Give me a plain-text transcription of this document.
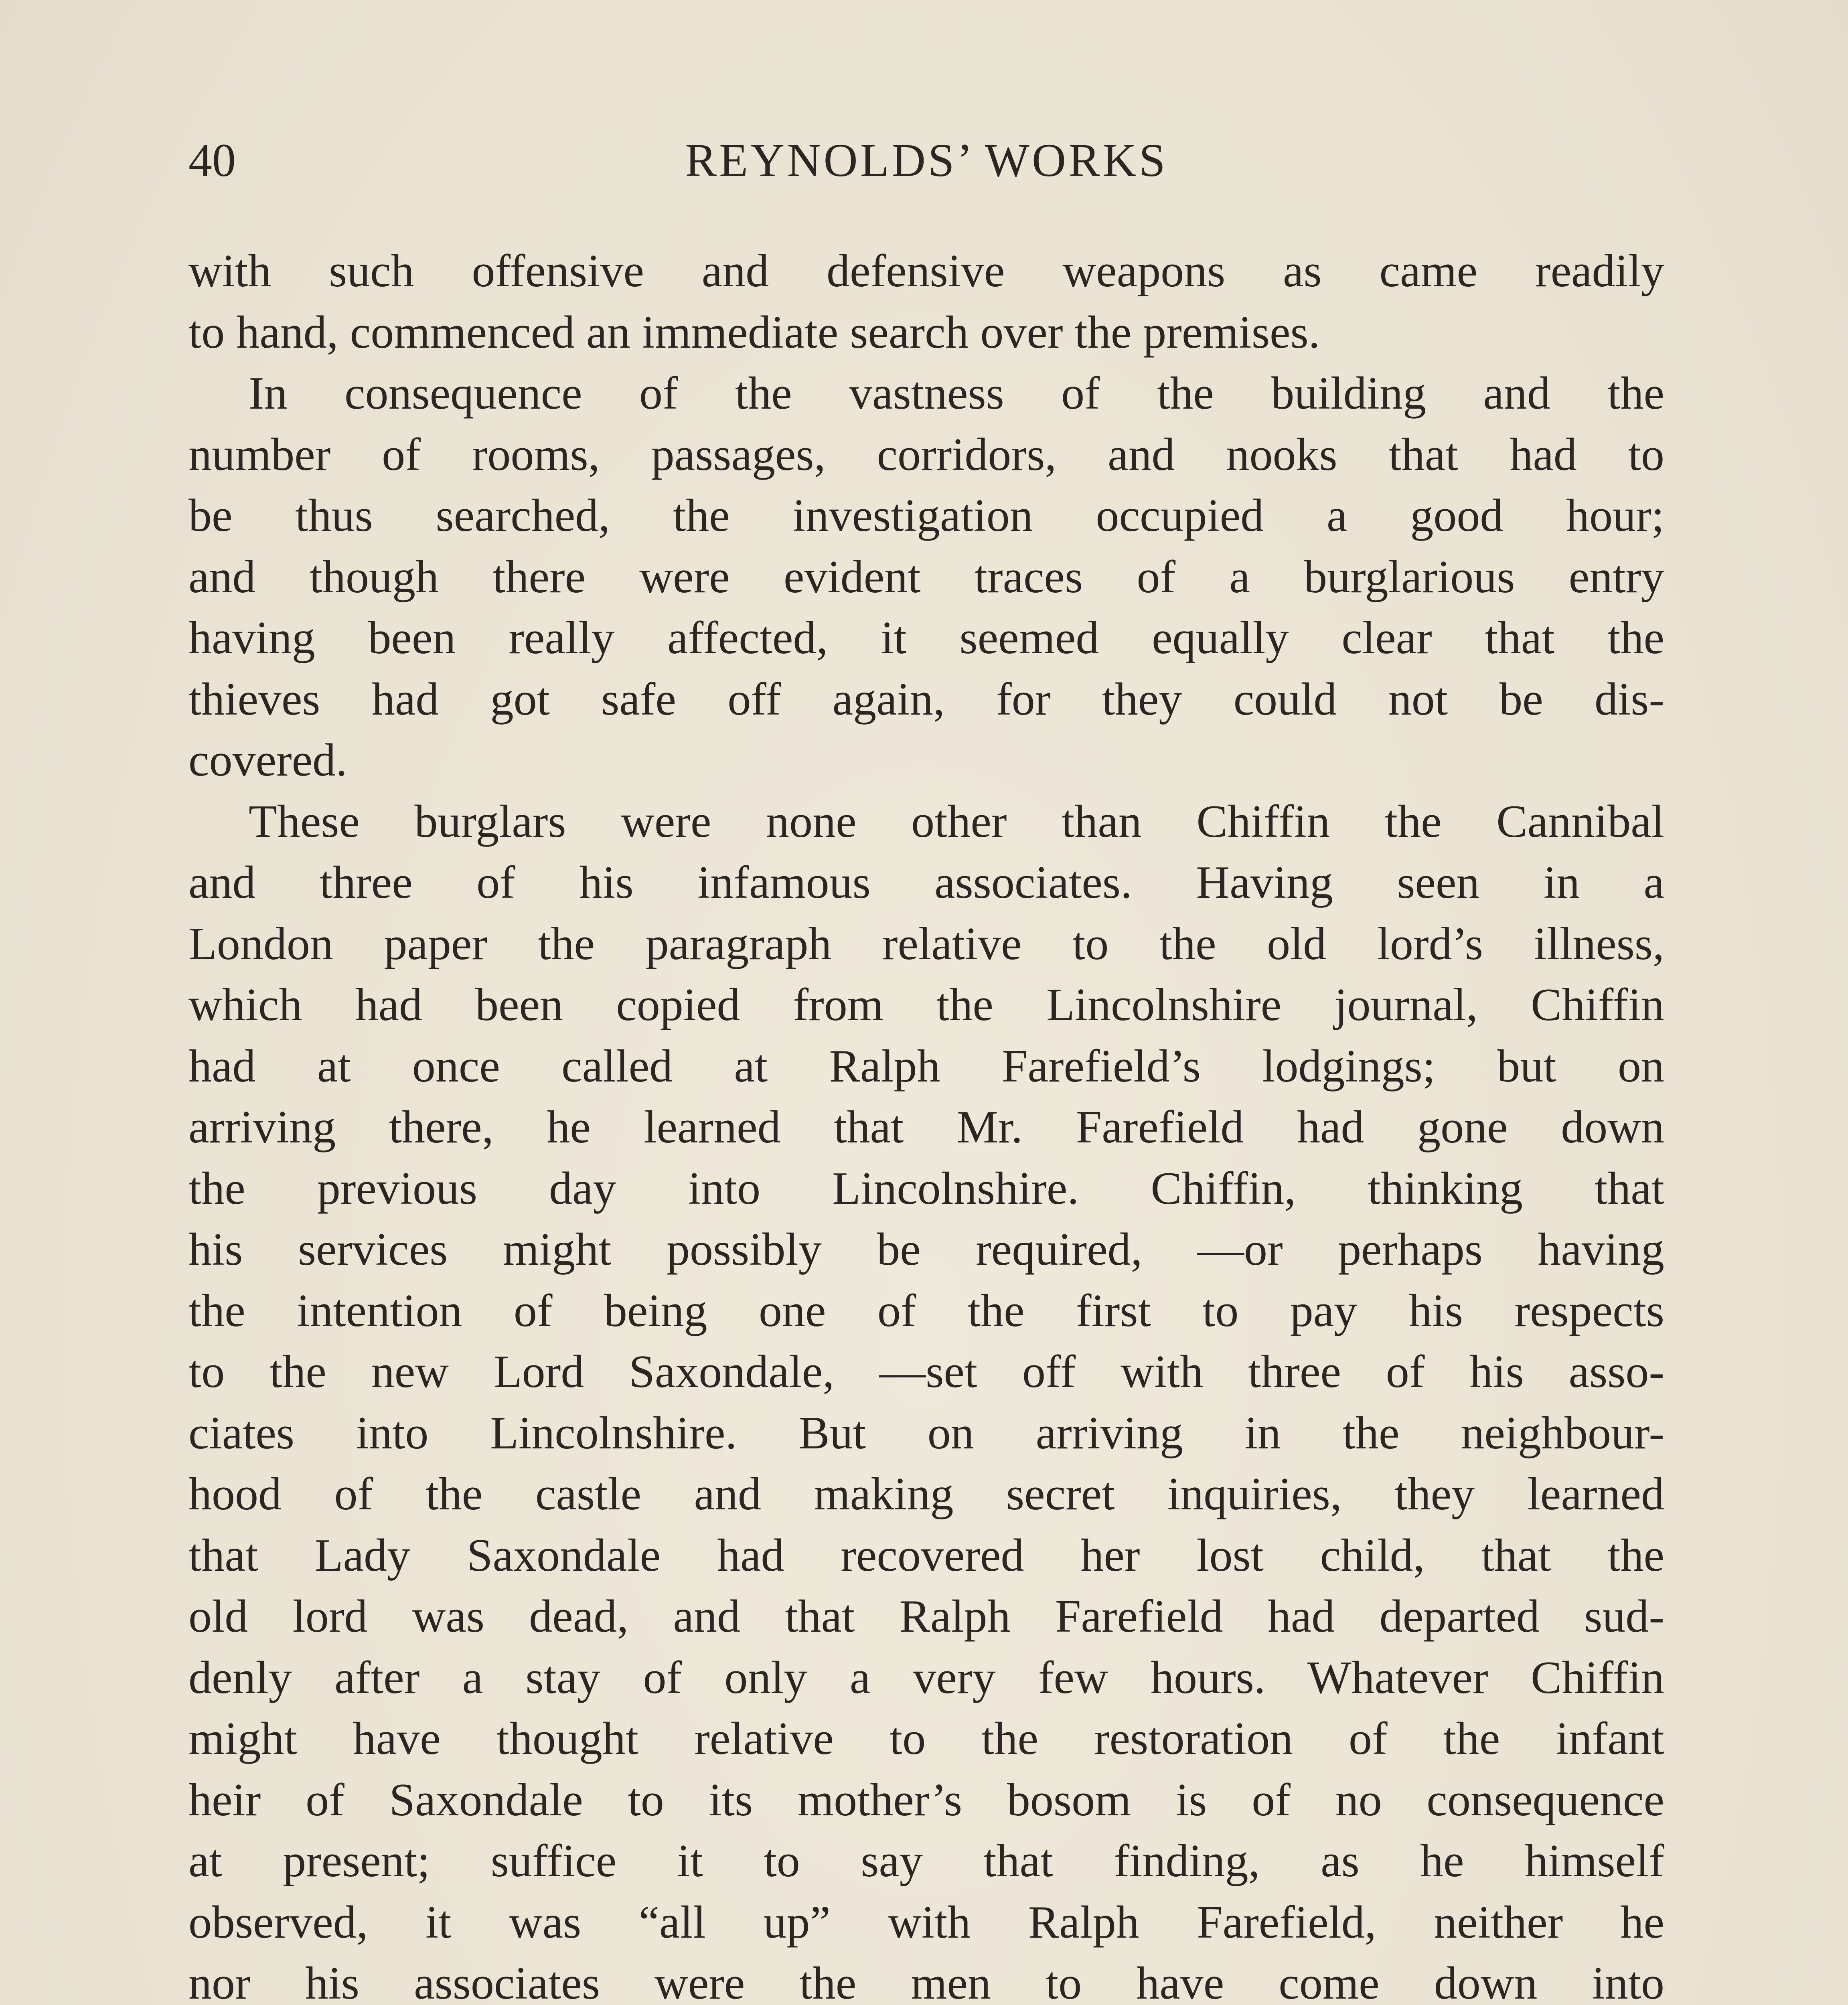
40	REYNOLDS’ WORKS
with such offensive and defensive weapons as came readily
to hand, commenced an immediate search over the premises.
In consequence of the vastness of the building and the
number of rooms, passages, corridors, and nooks that had to
be thus searched, the investigation occupied a good hour;
and though there were evident traces of a burglarious entry
having been really affected, it seemed equally clear that the
thieves had got safe off again, for they could not be dis-
covered.
These burglars were none other than Chiffin the Cannibal
and three of his infamous associates. Having seen in a
London paper the paragraph relative to the old lord’s illness,
which had been copied from the Lincolnshire journal, Chiffin
had at once called at Ralph Farefield’s lodgings; but on
arriving there, he learned that Mr. Farefield had gone down
the previous day into Lincolnshire. Chiffin, thinking that
his services might possibly be required, —or perhaps having
the intention of being one of the first to pay his respects
to the new Lord Saxondale, —set off with three of his asso-
ciates into Lincolnshire. But on arriving in the neighbour-
hood of the castle and making secret inquiries, they learned
that Lady Saxondale had recovered her lost child, that the
old lord was dead, and that Ralph Farefield had departed sud-
denly after a stay of only a very few hours. Whatever Chiffin
might have thought relative to the restoration of the infant
heir of Saxondale to its mother’s bosom is of no consequence
at present; suffice it to say that finding, as he himself
observed, it was “all up” with Ralph Farefield, neither he
nor his associates were the men to have come down into
